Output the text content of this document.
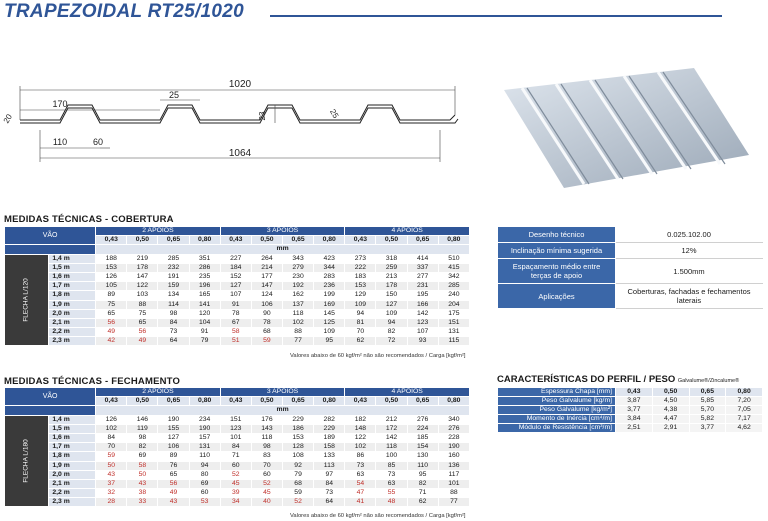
TRAPEZOIDAL RT25/1020
1020
170
25
23
20	25
110	60
1064
MEDIDAS TÉCNICAS - COBERTURA
VÃO		2 APOIOS				3 APOIOS				4 APOIOS			
		0,43	0,50	0,65	0,80	0,43	0,50	0,65	0,80	0,43	0,50	0,65	0,80
		mm											
FLECHA L/120	1,4 m	188	219	285	351	227	264	343	423	273	318	414	510
	1,5 m	153	178	232	286	184	214	279	344	222	259	337	415
	1,6 m	126	147	191	235	152	177	230	283	183	213	277	342
	1,7 m	105	122	159	196	127	147	192	236	153	178	231	285
	1,8 m	89	103	134	165	107	124	162	199	129	150	195	240
	1,9 m	75	88	114	141	91	106	137	169	109	127	166	204
	2,0 m	65	75	98	120	78	90	118	145	94	109	142	175
	2,1 m	56	65	84	104	67	78	102	125	81	94	123	151
	2,2 m	49	56	73	91	58	68	88	109	70	82	107	131
	2,3 m	42	49	64	79	51	59	77	95	62	72	93	115
Valores abaixo de 60 kgf/m² não são recomendados / Carga [kgf/m²]
MEDIDAS TÉCNICAS - FECHAMENTO
VÃO		2 APOIOS				3 APOIOS				4 APOIOS			
		0,43	0,50	0,65	0,80	0,43	0,50	0,65	0,80	0,43	0,50	0,65	0,80
		mm											
FLECHA L/180	1,4 m	126	146	190	234	151	176	229	282	182	212	276	340
	1,5 m	102	119	155	190	123	143	186	229	148	172	224	276
	1,6 m	84	98	127	157	101	118	153	189	122	142	185	228
	1,7 m	70	82	106	131	84	98	128	158	102	118	154	190
	1,8 m	59	69	89	110	71	83	108	133	86	100	130	160
	1,9 m	50	58	76	94	60	70	92	113	73	85	110	136
	2,0 m	43	50	65	80	52	60	79	97	63	73	95	117
	2,1 m	37	43	56	69	45	52	68	84	54	63	82	101
	2,2 m	32	38	49	60	39	45	59	73	47	55	71	88
	2,3 m	28	33	43	53	34	40	52	64	41	48	62	77
Valores abaixo de 60 kgf/m² não são recomendados / Carga [kgf/m²]
Desenho técnico	0.025.102.00
Inclinação mínima sugerida	12%
Espaçamento médio entre terças de apoio	1.500mm
Aplicações	Coberturas, fachadas e fechamentos laterais
CARACTERÍSTICAS DO PERFIL / PESO Galvalume®/Zincalume®
Espessura Chapa [mm]	0,43	0,50	0,65	0,80
Peso Galvalume [kg/m]	3,87	4,50	5,85	7,20
Peso Galvalume [kg/m²]	3,77	4,38	5,70	7,05
Momento de Inércia [cm⁴/m]	3,84	4,47	5,82	7,17
Módulo de Resistência [cm³/m]	2,51	2,91	3,77	4,62
